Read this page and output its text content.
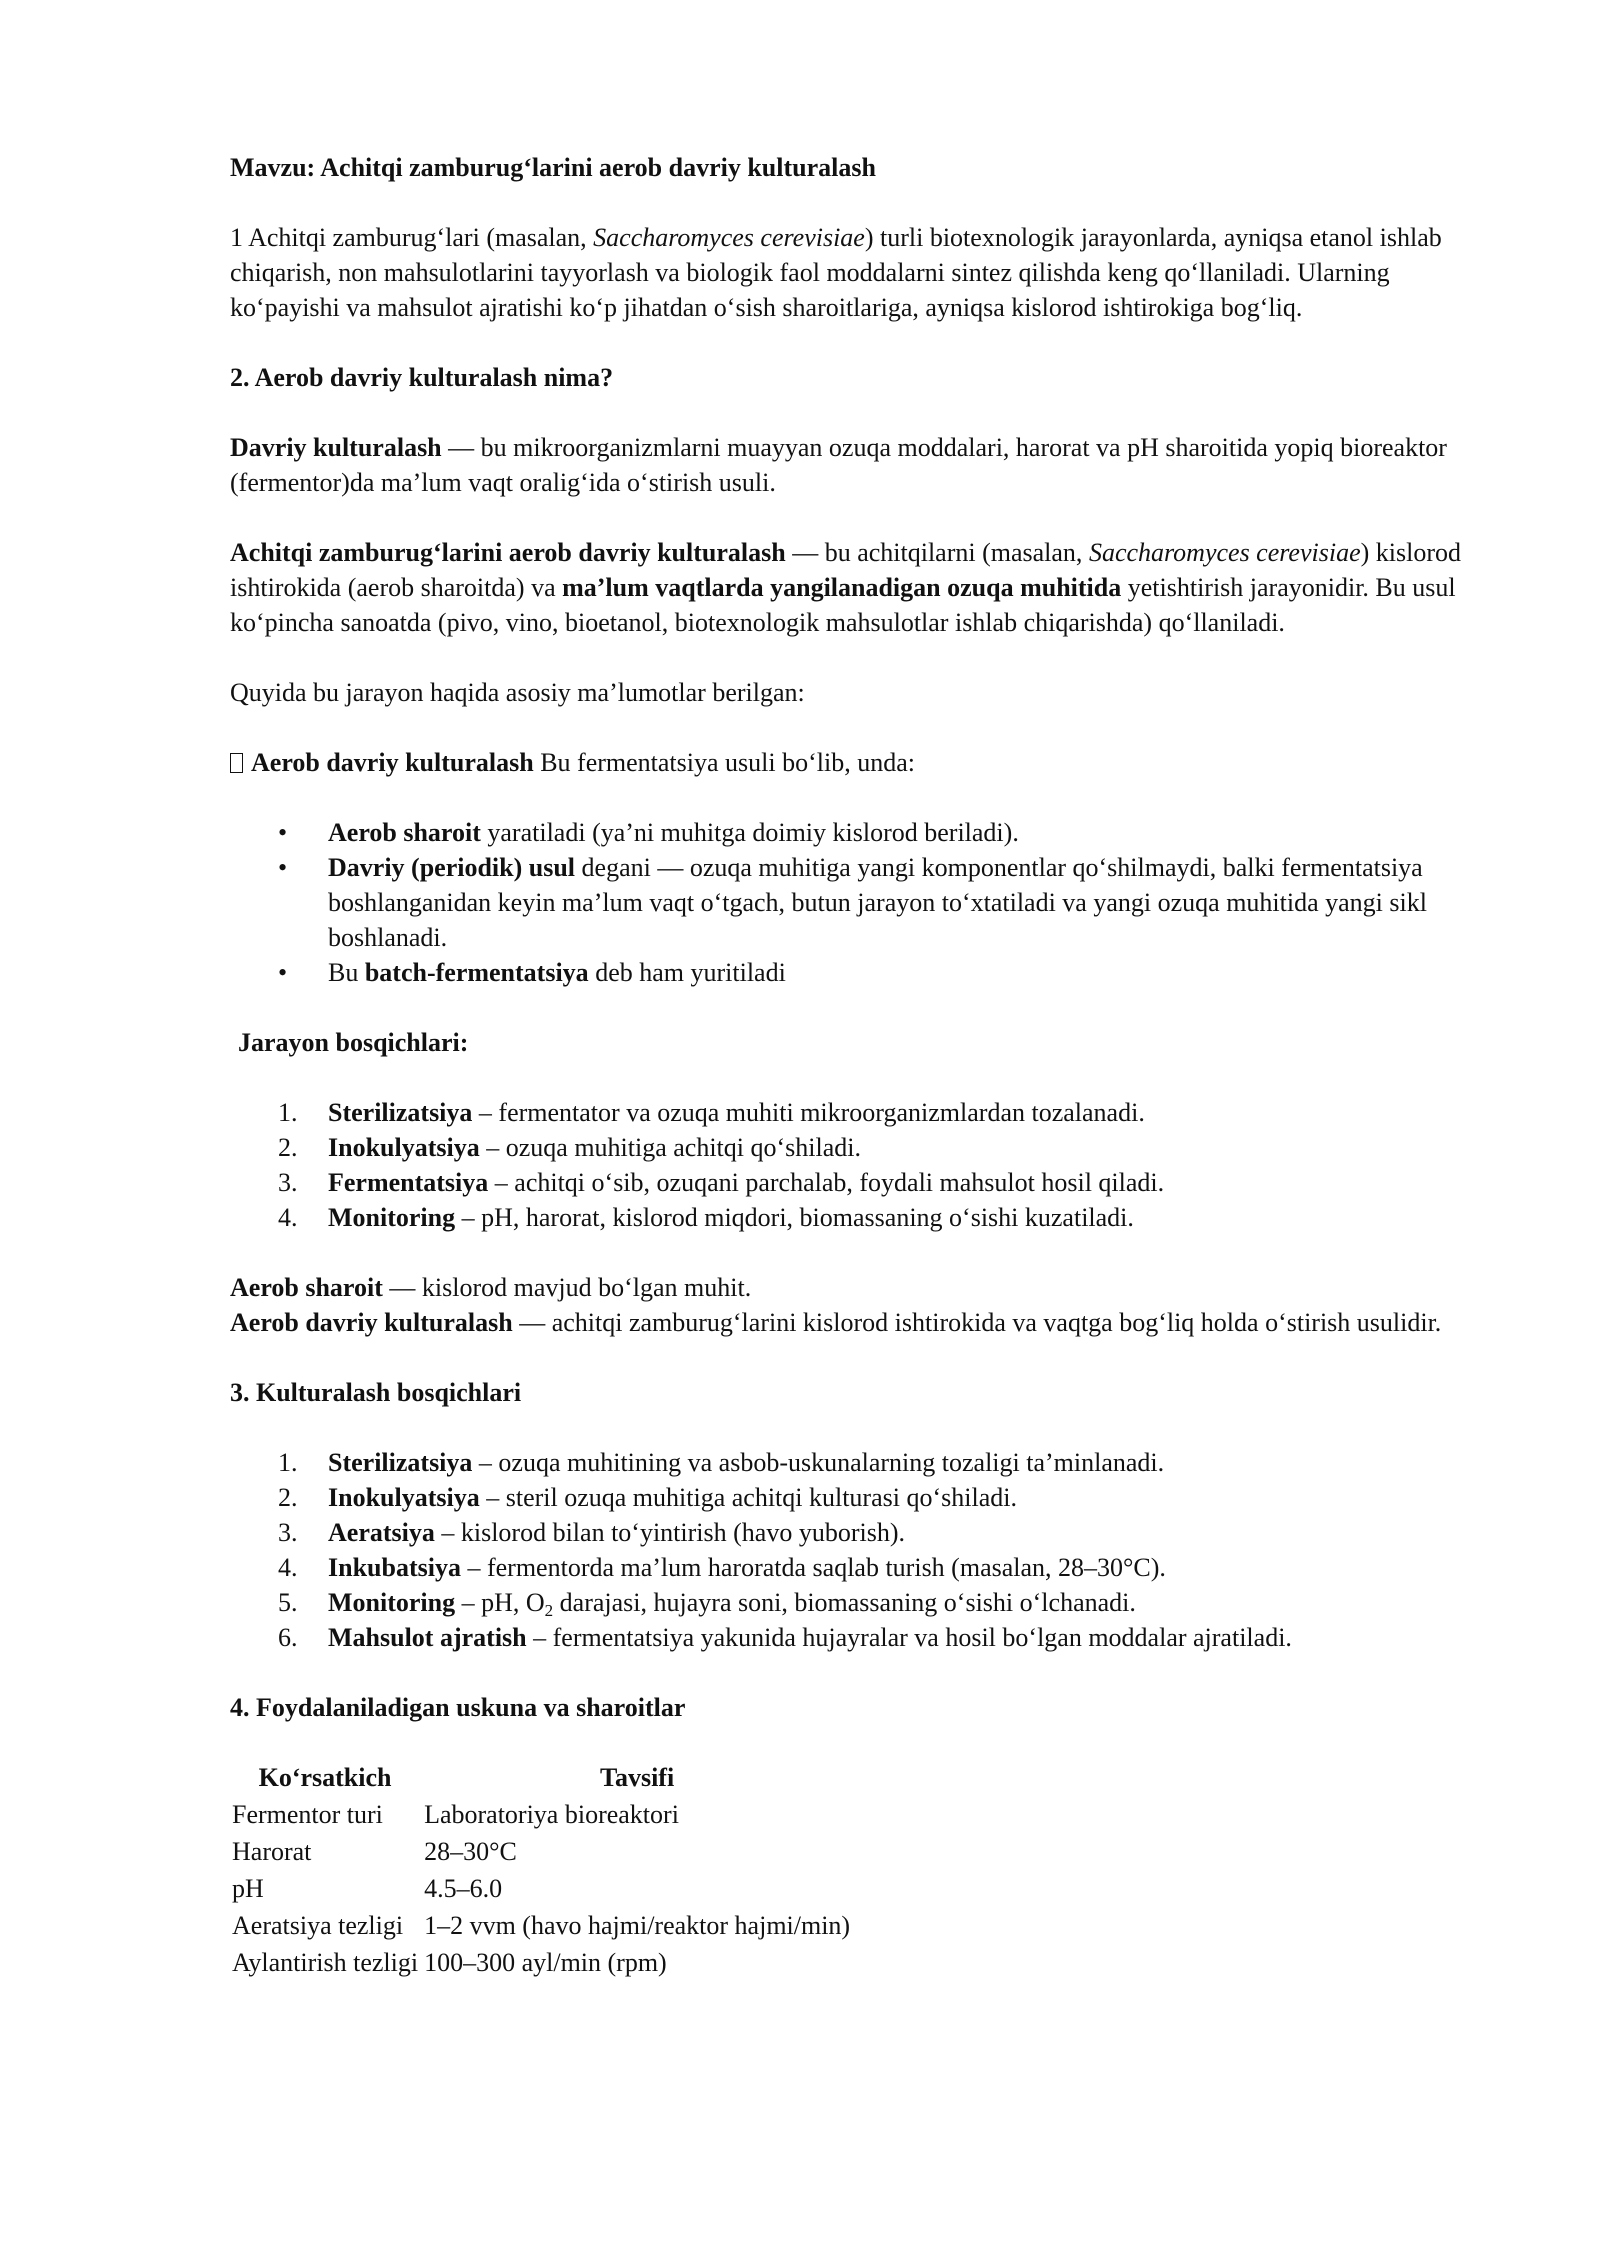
Mavzu: Achitqi zamburug‘larini aerob davriy kulturalash

1 Achitqi zamburug‘lari (masalan, Saccharomyces cerevisiae) turli biotexnologik jarayonlarda, ayniqsa etanol ishlab chiqarish, non mahsulotlarini tayyorlash va biologik faol moddalarni sintez qilishda keng qo‘llaniladi. Ularning ko‘payishi va mahsulot ajratishi ko‘p jihatdan o‘sish sharoitlariga, ayniqsa kislorod ishtirokiga bog‘liq.

2. Aerob davriy kulturalash nima?

Davriy kulturalash — bu mikroorganizmlarni muayyan ozuqa moddalari, harorat va pH sharoitida yopiq bioreaktor (fermentor)da ma’lum vaqt oralig‘ida o‘stirish usuli.

Achitqi zamburug‘larini aerob davriy kulturalash — bu achitqilarni (masalan, Saccharomyces cerevisiae) kislorod ishtirokida (aerob sharoitda) va ma’lum vaqtlarda yangilanadigan ozuqa muhitida yetishtirish jarayonidir. Bu usul ko‘pincha sanoatda (pivo, vino, bioetanol, biotexnologik mahsulotlar ishlab chiqarishda) qo‘llaniladi.

Quyida bu jarayon haqida asosiy ma’lumotlar berilgan:

Aerob davriy kulturalash Bu fermentatsiya usuli bo‘lib, unda:

• Aerob sharoit yaratiladi (ya’ni muhitga doimiy kislorod beriladi).
• Davriy (periodik) usul degani — ozuqa muhitiga yangi komponentlar qo‘shilmaydi, balki fermentatsiya boshlanganidan keyin ma’lum vaqt o‘tgach, butun jarayon to‘xtatiladi va yangi ozuqa muhitida yangi sikl boshlanadi.
• Bu batch-fermentatsiya deb ham yuritiladi

Jarayon bosqichlari:

1.	Sterilizatsiya – fermentator va ozuqa muhiti mikroorganizmlardan tozalanadi.
2.	Inokulyatsiya – ozuqa muhitiga achitqi qo‘shiladi.
3.	Fermentatsiya – achitqi o‘sib, ozuqani parchalab, foydali mahsulot hosil qiladi.
4.	Monitoring – pH, harorat, kislorod miqdori, biomassaning o‘sishi kuzatiladi.

Aerob sharoit — kislorod mavjud bo‘lgan muhit.

Aerob davriy kulturalash — achitqi zamburug‘larini kislorod ishtirokida va vaqtga bog‘liq holda o‘stirish usulidir.

3. Kulturalash bosqichlari

1.	Sterilizatsiya – ozuqa muhitining va asbob-uskunalarning tozaligi ta’minlanadi.
2.	Inokulyatsiya – steril ozuqa muhitiga achitqi kulturasi qo‘shiladi.
3.	Aeratsiya – kislorod bilan to‘yintirish (havo yuborish).
4.	Inkubatsiya – fermentorda ma’lum haroratda saqlab turish (masalan, 28–30°C).
5.	Monitoring – pH, $O_2$ darajasi, hujayra soni, biomassaning o‘sishi o‘lchanadi.
6.	Mahsulot ajratish – fermentatsiya yakunida hujayralar va hosil bo‘lgan moddalar ajratiladi.

4. Foydalaniladigan uskuna va sharoitlar

Ko‘rsatkich	Tavsifi
Fermentor turi	Laboratoriya bioreaktori
Harorat	28–30°C
pH	4.5–6.0
Aeratsiya tezligi	1–2 vvm (havo hajmi/reaktor hajmi/min)
Aylantirish tezligi	100–300 ayl/min (rpm)
